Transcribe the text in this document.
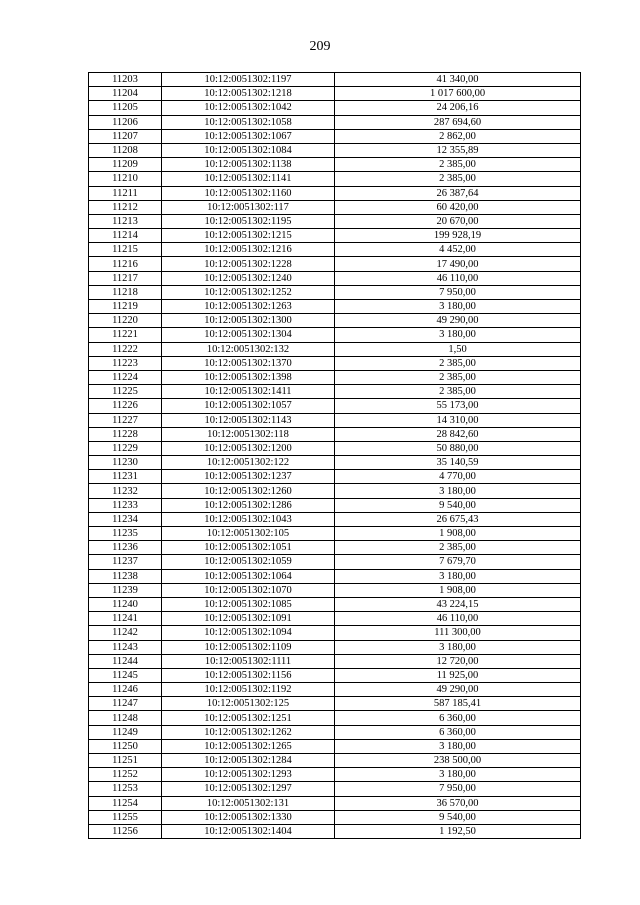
209
11203	10:12:0051302:1197	41 340,00
11204	10:12:0051302:1218	1 017 600,00
11205	10:12:0051302:1042	24 206,16
11206	10:12:0051302:1058	287 694,60
11207	10:12:0051302:1067	2 862,00
11208	10:12:0051302:1084	12 355,89
11209	10:12:0051302:1138	2 385,00
11210	10:12:0051302:1141	2 385,00
11211	10:12:0051302:1160	26 387,64
11212	10:12:0051302:117	60 420,00
11213	10:12:0051302:1195	20 670,00
11214	10:12:0051302:1215	199 928,19
11215	10:12:0051302:1216	4 452,00
11216	10:12:0051302:1228	17 490,00
11217	10:12:0051302:1240	46 110,00
11218	10:12:0051302:1252	7 950,00
11219	10:12:0051302:1263	3 180,00
11220	10:12:0051302:1300	49 290,00
11221	10:12:0051302:1304	3 180,00
11222	10:12:0051302:132	1,50
11223	10:12:0051302:1370	2 385,00
11224	10:12:0051302:1398	2 385,00
11225	10:12:0051302:1411	2 385,00
11226	10:12:0051302:1057	55 173,00
11227	10:12:0051302:1143	14 310,00
11228	10:12:0051302:118	28 842,60
11229	10:12:0051302:1200	50 880,00
11230	10:12:0051302:122	35 140,59
11231	10:12:0051302:1237	4 770,00
11232	10:12:0051302:1260	3 180,00
11233	10:12:0051302:1286	9 540,00
11234	10:12:0051302:1043	26 675,43
11235	10:12:0051302:105	1 908,00
11236	10:12:0051302:1051	2 385,00
11237	10:12:0051302:1059	7 679,70
11238	10:12:0051302:1064	3 180,00
11239	10:12:0051302:1070	1 908,00
11240	10:12:0051302:1085	43 224,15
11241	10:12:0051302:1091	46 110,00
11242	10:12:0051302:1094	111 300,00
11243	10:12:0051302:1109	3 180,00
11244	10:12:0051302:1111	12 720,00
11245	10:12:0051302:1156	11 925,00
11246	10:12:0051302:1192	49 290,00
11247	10:12:0051302:125	587 185,41
11248	10:12:0051302:1251	6 360,00
11249	10:12:0051302:1262	6 360,00
11250	10:12:0051302:1265	3 180,00
11251	10:12:0051302:1284	238 500,00
11252	10:12:0051302:1293	3 180,00
11253	10:12:0051302:1297	7 950,00
11254	10:12:0051302:131	36 570,00
11255	10:12:0051302:1330	9 540,00
11256	10:12:0051302:1404	1 192,50
